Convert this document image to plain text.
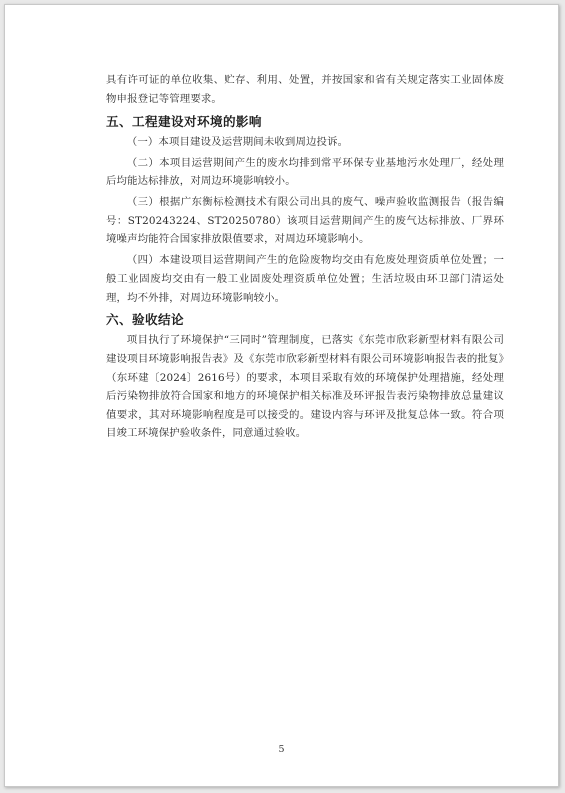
具有许可证的单位收集、贮存、利用、处置，并按国家和省有关规定落实工业固体废物申报登记等管理要求。

五、工程建设对环境的影响

（一）本项目建设及运营期间未收到周边投诉。

（二）本项目运营期间产生的废水均排到常平环保专业基地污水处理厂，经处理后均能达标排放，对周边环境影响较小。

（三）根据广东衡标检测技术有限公司出具的废气、噪声验收监测报告（报告编号：ST20243224、ST20250780）该项目运营期间产生的废气达标排放、厂界环境噪声均能符合国家排放限值要求，对周边环境影响小。

（四）本建设项目运营期间产生的危险废物均交由有危废处理资质单位处置；一般工业固废均交由有一般工业固废处理资质单位处置；生活垃圾由环卫部门清运处理，均不外排，对周边环境影响较小。

六、验收结论

项目执行了环境保护“三同时”管理制度，已落实《东莞市欣彩新型材料有限公司建设项目环境影响报告表》及《东莞市欣彩新型材料有限公司环境影响报告表的批复》（东环建〔2024〕2616号）的要求，本项目采取有效的环境保护处理措施，经处理后污染物排放符合国家和地方的环境保护相关标准及环评报告表污染物排放总量建议值要求，其对环境影响程度是可以接受的。建设内容与环评及批复总体一致。符合项目竣工环境保护验收条件，同意通过验收。

5
